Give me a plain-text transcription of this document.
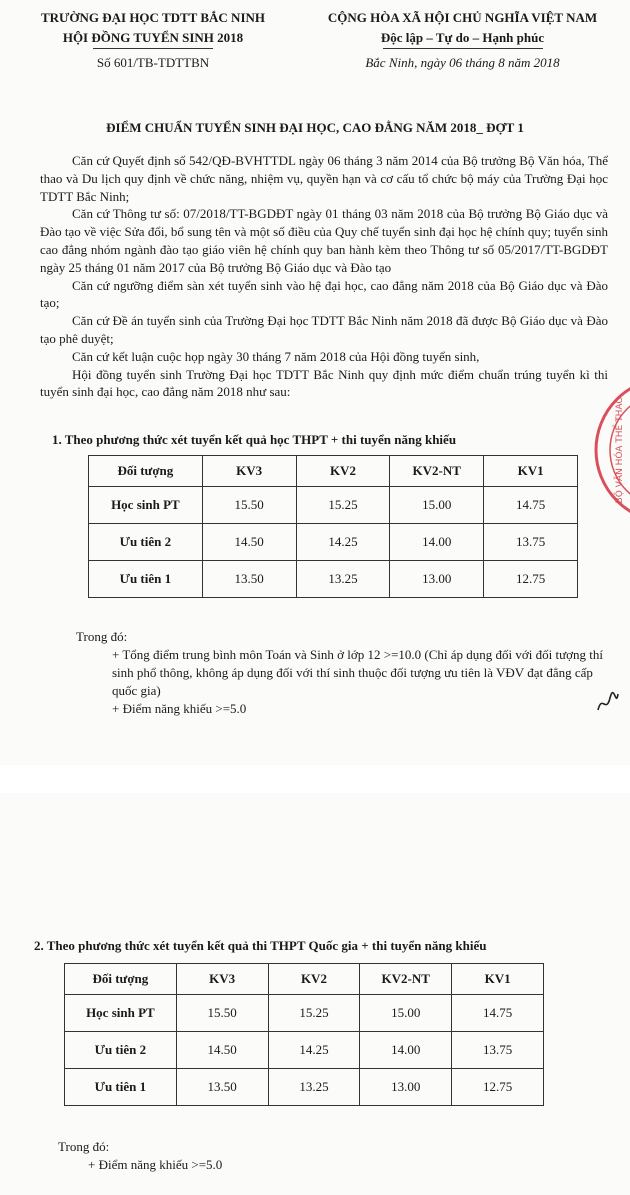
TRƯỜNG ĐẠI HỌC TDTT BẮC NINH
HỘI ĐỒNG TUYỂN SINH 2018
Số 601/TB-TDTTBN
CỘNG HÒA XÃ HỘI CHỦ NGHĨA VIỆT NAM
Độc lập – Tự do – Hạnh phúc
Bắc Ninh, ngày 06 tháng 8 năm 2018
ĐIỂM CHUẨN TUYỂN SINH ĐẠI HỌC, CAO ĐẲNG NĂM 2018_ ĐỢT 1

Căn cứ Quyết định số 542/QĐ-BVHTTDL ngày 06 tháng 3 năm 2014 của Bộ trưởng Bộ Văn hóa, Thể thao và Du lịch quy định về chức năng, nhiệm vụ, quyền hạn và cơ cấu tổ chức bộ máy của Trường Đại học TDTT Bắc Ninh;

Căn cứ Thông tư số: 07/2018/TT-BGDĐT ngày 01 tháng 03 năm 2018 của Bộ trưởng Bộ Giáo dục và Đào tạo về việc Sửa đổi, bổ sung tên và một số điều của Quy chế tuyển sinh đại học hệ chính quy; tuyển sinh cao đẳng nhóm ngành đào tạo giáo viên hệ chính quy ban hành kèm theo Thông tư số 05/2017/TT-BGDĐT ngày 25 tháng 01 năm 2017 của Bộ trưởng Bộ Giáo dục và Đào tạo

Căn cứ ngưỡng điểm sàn xét tuyển sinh vào hệ đại học, cao đẳng năm 2018 của Bộ Giáo dục và Đào tạo;

Căn cứ Đề án tuyển sinh của Trường Đại học TDTT Bắc Ninh năm 2018 đã được Bộ Giáo dục và Đào tạo phê duyệt;

Căn cứ kết luận cuộc họp ngày 30 tháng 7 năm 2018 của Hội đồng tuyển sinh,

Hội đồng tuyển sinh Trường Đại học TDTT Bắc Ninh quy định mức điểm chuẩn trúng tuyển kì thi tuyển sinh đại học, cao đẳng năm 2018 như sau:

1. Theo phương thức xét tuyển kết quả học THPT + thi tuyển năng khiếu
Đối tượng	KV3	KV2	KV2-NT	KV1
Học sinh PT	15.50	15.25	15.00	14.75
Ưu tiên 2	14.50	14.25	14.00	13.75
Ưu tiên 1	13.50	13.25	13.00	12.75
Trong đó:
+ Tổng điểm trung bình môn Toán và Sinh ở lớp 12 >=10.0 (Chỉ áp dụng đối với đối tượng thí sinh phổ thông, không áp dụng đối với thí sinh thuộc đối tượng ưu tiên là VĐV đạt đẳng cấp quốc gia)
+ Điểm năng khiếu >=5.0
BỘ VĂN HÓA THỂ THAO
2. Theo phương thức xét tuyển kết quả thi THPT Quốc gia + thi tuyển năng khiếu
Đối tượng	KV3	KV2	KV2-NT	KV1
Học sinh PT	15.50	15.25	15.00	14.75
Ưu tiên 2	14.50	14.25	14.00	13.75
Ưu tiên 1	13.50	13.25	13.00	12.75
Trong đó:
+ Điểm năng khiếu >=5.0
